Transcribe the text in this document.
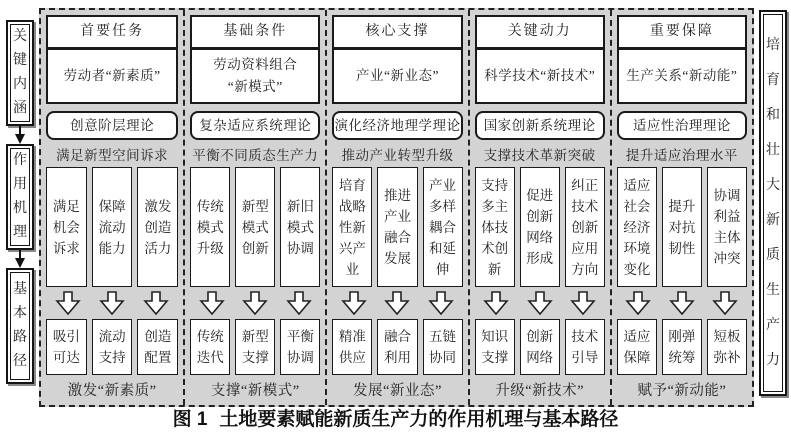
关键内涵
作用机理
基本路径
首要任务
劳动者“新素质”
创意阶层理论
满足新型空间诉求
满足机会诉求
保障流动能力
激发创造活力
吸引可达
流动支持
创造配置
激发“新素质”
基础条件
劳动资料组合
“新模式”
复杂适应系统理论
平衡不同质态生产力
传统模式升级
新型模式创新
新旧模式协调
传统迭代
新型支撑
平衡协调
支撑“新模式”
核心支撑
产业“新业态”
演化经济地理学理论
推动产业转型升级
培育战略性新兴产业
推进产业融合发展
产业多样耦合和延伸
精准供应
融合利用
五链协同
发展“新业态”
关键动力
科学技术“新技术”
国家创新系统理论
支撑技术革新突破
支持多主体技术创新
促进创新网络形成
纠正技术创新应用方向
知识支撑
创新网络
技术引导
升级“新技术”
重要保障
生产关系“新动能”
适应性治理理论
提升适应治理水平
适应社会经济环境变化
提升对抗韧性
协调利益主体冲突
适应保障
刚弹统筹
短板弥补
赋予“新动能”
培育和壮大新质生产力
图 1 土地要素赋能新质生产力的作用机理与基本路径
